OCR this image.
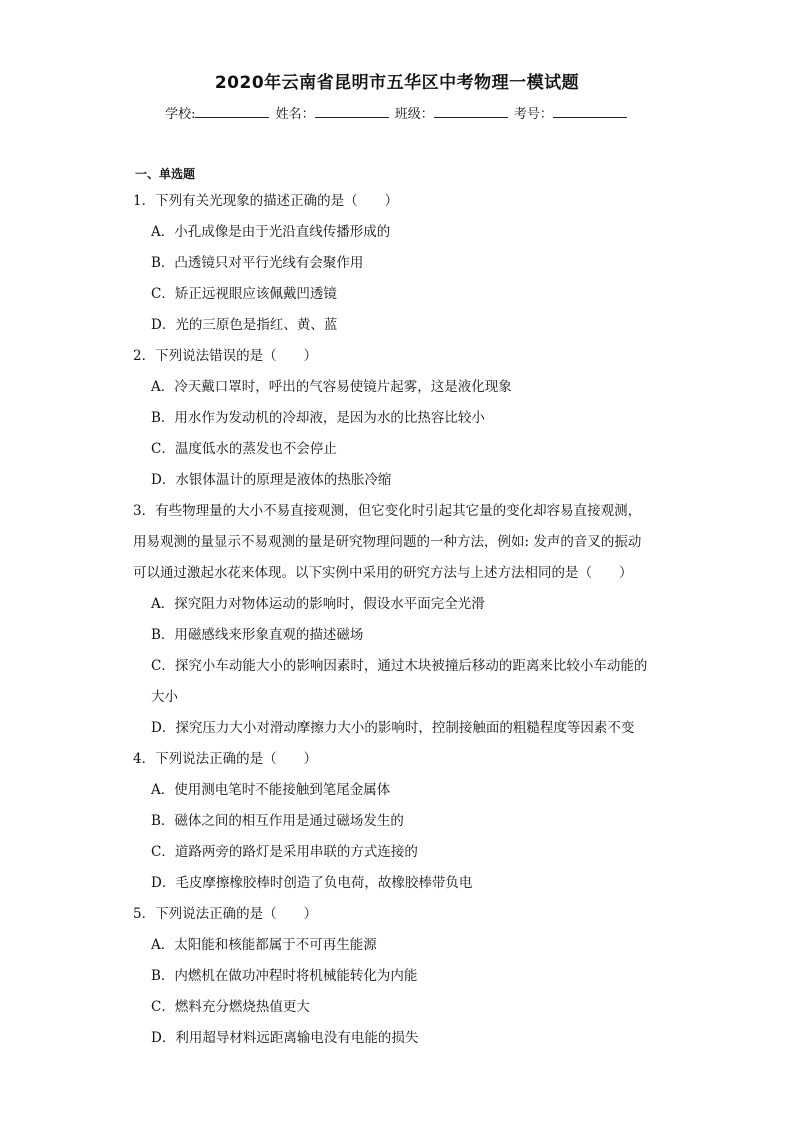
2020年云南省昆明市五华区中考物理一模试题
学校:	姓名：	班级：	考号：
一、单选题
1．下列有关光现象的描述正确的是（　　）
A．小孔成像是由于光沿直线传播形成的
B．凸透镜只对平行光线有会聚作用
C．矫正远视眼应该佩戴凹透镜
D．光的三原色是指红、黄、蓝
2．下列说法错误的是（　　）
A．冷天戴口罩时，呼出的气容易使镜片起雾，这是液化现象
B．用水作为发动机的冷却液，是因为水的比热容比较小
C．温度低水的蒸发也不会停止
D．水银体温计的原理是液体的热胀冷缩
3．有些物理量的大小不易直接观测，但它变化时引起其它量的变化却容易直接观测，
用易观测的量显示不易观测的量是研究物理问题的一种方法，例如: 发声的音叉的振动
可以通过激起水花来体现。以下实例中采用的研究方法与上述方法相同的是（　　）
A．探究阻力对物体运动的影响时，假设水平面完全光滑
B．用磁感线来形象直观的描述磁场
C．探究小车动能大小的影响因素时，通过木块被撞后移动的距离来比较小车动能的
大小
D．探究压力大小对滑动摩擦力大小的影响时，控制接触面的粗糙程度等因素不变
4．下列说法正确的是（　　）
A．使用测电笔时不能接触到笔尾金属体
B．磁体之间的相互作用是通过磁场发生的
C．道路两旁的路灯是采用串联的方式连接的
D．毛皮摩擦橡胶棒时创造了负电荷，故橡胶棒带负电
5．下列说法正确的是（　　）
A．太阳能和核能都属于不可再生能源
B．内燃机在做功冲程时将机械能转化为内能
C．燃料充分燃烧热值更大
D．利用超导材料远距离输电没有电能的损失
